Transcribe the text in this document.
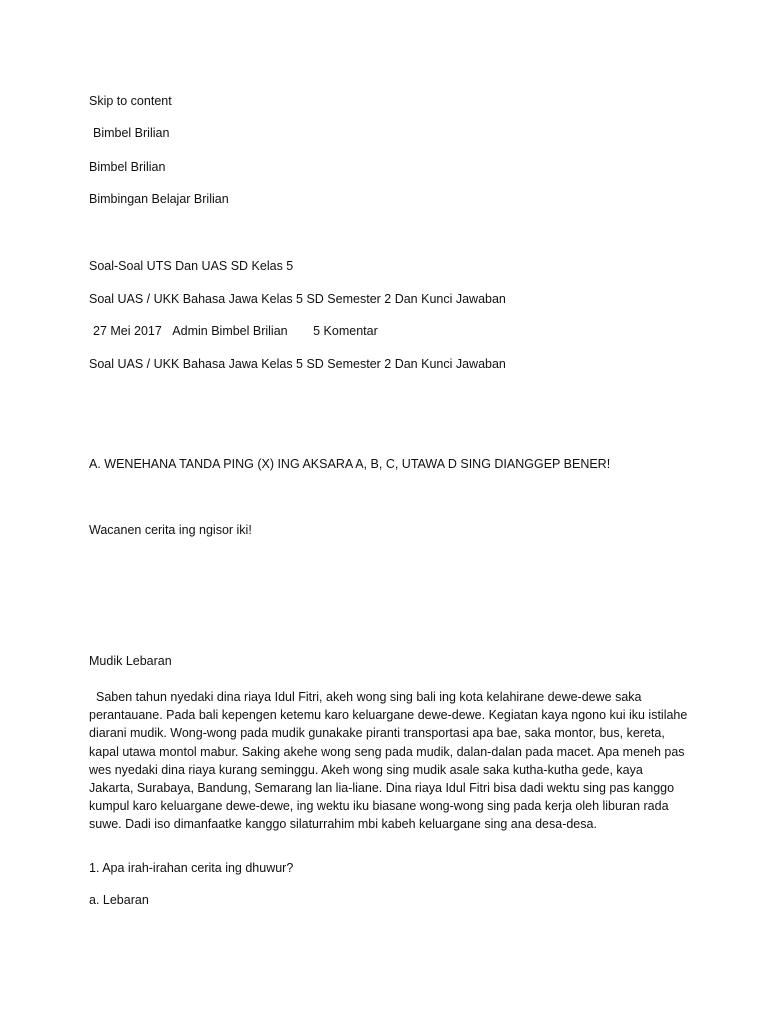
Skip to content
Bimbel Brilian
Bimbel Brilian
Bimbingan Belajar Brilian
Soal-Soal UTS Dan UAS SD Kelas 5
Soal UAS / UKK Bahasa Jawa Kelas 5 SD Semester 2 Dan Kunci Jawaban
27 Mei 2017 Admin Bimbel Brilian 5 Komentar
Soal UAS / UKK Bahasa Jawa Kelas 5 SD Semester 2 Dan Kunci Jawaban
A. WENEHANA TANDA PING (X) ING AKSARA A, B, C, UTAWA D SING DIANGGEP BENER!
Wacanen cerita ing ngisor iki!
Mudik Lebaran

Saben tahun nyedaki dina riaya Idul Fitri, akeh wong sing bali ing kota kelahirane dewe-dewe saka perantauane. Pada bali kepengen ketemu karo keluargane dewe-dewe. Kegiatan kaya ngono kui iku istilahe diarani mudik. Wong-wong pada mudik gunakake piranti transportasi apa bae, saka montor, bus, kereta, kapal utawa montol mabur. Saking akehe wong seng pada mudik, dalan-dalan pada macet. Apa meneh pas wes nyedaki dina riaya kurang seminggu. Akeh wong sing mudik asale saka kutha-kutha gede, kaya Jakarta, Surabaya, Bandung, Semarang lan lia-liane. Dina riaya Idul Fitri bisa dadi wektu sing pas kanggo kumpul karo keluargane dewe-dewe, ing wektu iku biasane wong-wong sing pada kerja oleh liburan rada suwe. Dadi iso dimanfaatke kanggo silaturrahim mbi kabeh keluargane sing ana desa-desa.

1. Apa irah-irahan cerita ing dhuwur?
a. Lebaran
